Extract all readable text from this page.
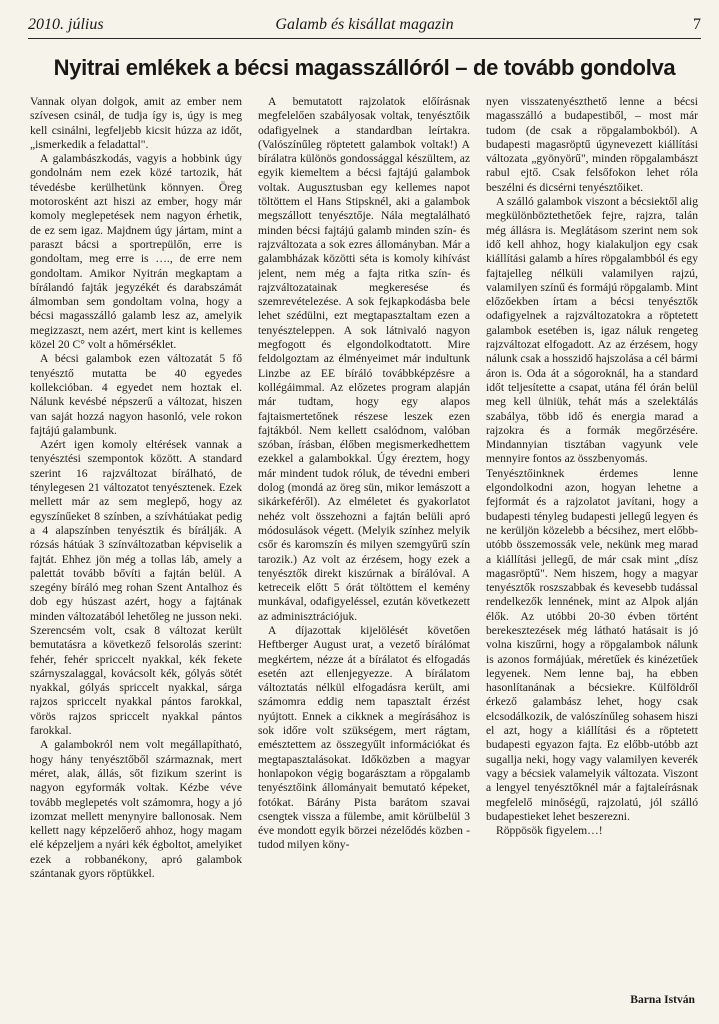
2010. július	Galamb és kisállat magazin	7
Nyitrai emlékek a bécsi magasszállóról – de tovább gondolva

Vannak olyan dolgok, amit az ember nem szívesen csinál, de tudja így is, úgy is meg kell csinálni, legfeljebb kicsit húzza az időt, „ismerkedik a feladattal".

A galambászkodás, vagyis a hobbink úgy gondolnám nem ezek közé tartozik, hát tévedésbe kerülhetünk könnyen. Öreg motorosként azt hiszi az ember, hogy már komoly meglepetések nem nagyon érhetik, de ez sem igaz. Majdnem úgy jártam, mint a paraszt bácsi a sportrepülőn, erre is gondoltam, meg erre is …., de erre nem gondoltam. Amikor Nyitrán megkaptam a bírálandó fajták jegyzékét és darabszámát álmomban sem gondoltam volna, hogy a bécsi magasszálló galamb lesz az, amelyik megizzaszt, nem azért, mert kint is kellemes közel 20 C° volt a hőmérséklet.

A bécsi galambok ezen változatát 5 fő tenyésztő mutatta be 40 egyedes kollekcióban. 4 egyedet nem hoztak el. Nálunk kevésbé népszerű a változat, hiszen van saját hozzá nagyon hasonló, vele rokon fajtájú galambunk.

Azért igen komoly eltérések vannak a tenyésztési szempontok között. A standard szerint 16 rajzváltozat bírálható, de ténylegesen 21 változatot tenyésztenek. Ezek mellett már az sem meglepő, hogy az egyszínűeket 8 színben, a szívhátúakat pedig a 4 alapszínben tenyésztik és bírálják. A rózsás hátúak 3 színváltozatban képviselik a fajtát. Ehhez jön még a tollas láb, amely a palettát tovább bővíti a fajtán belül. A szegény bíráló meg rohan Szent Antalhoz és dob egy húszast azért, hogy a fajtának minden változatából lehetőleg ne jusson neki. Szerencsém volt, csak 8 változat került bemutatásra a következő felsorolás szerint: fehér, fehér spriccelt nyakkal, kék fekete szárnyszalaggal, kovácsolt kék, gólyás sötét nyakkal, gólyás spriccelt nyakkal, sárga rajzos spriccelt nyakkal pántos farokkal, vörös rajzos spriccelt nyakkal pántos farokkal.

A galambokról nem volt megállapítható, hogy hány tenyésztőből származnak, mert méret, alak, állás, sőt fizikum szerint is nagyon egyformák voltak. Kézbe véve tovább meglepetés volt számomra, hogy a jó izomzat mellett menynyire ballonosak. Nem kellett nagy képzelőerő ahhoz, hogy magam elé képzeljem a nyári kék égboltot, amelyiket ezek a robbanékony, apró galambok szántanak gyors röptükkel.

A bemutatott rajzolatok előírásnak megfelelően szabályosak voltak, tenyésztőik odafigyelnek a standardban leírtakra. (Valószínűleg röptetett galambok voltak!) A bírálatra különös gondossággal készültem, az egyik kiemeltem a bécsi fajtájú galambok voltak. Augusztusban egy kellemes napot töltöttem el Hans Stipsknél, aki a galambok megszállott tenyésztője. Nála megtalálható minden bécsi fajtájú galamb minden szín- és rajzváltozata a sok ezres állományban. Már a galambházak közötti séta is komoly kihívást jelent, nem még a fajta ritka szín- és rajzváltozatainak megkeresése és szemrevételezése. A sok fejkapkodásba bele lehet szédülni, ezt megtapasztaltam ezen a tenyészteleppen. A sok látnivaló nagyon megfogott és elgondolkodtatott. Mire feldolgoztam az élményeimet már indultunk Linzbe az EE bíráló továbbképzésre a kollégáimmal. Az előzetes program alapján már tudtam, hogy egy alapos fajtaismertetőnek részese leszek ezen fajtákból. Nem kellett csalódnom, valóban szóban, írásban, élőben megismerkedhettem ezekkel a galambokkal. Úgy éreztem, hogy már mindent tudok róluk, de tévedni emberi dolog (mondá az öreg sün, mikor lemászott a sikárkeféről). Az elméletet és gyakorlatot nehéz volt összehozni a fajtán belüli apró módosulások végett. (Melyik színhez melyik csőr és karomszín és milyen szemgyűrű szín tarozik.) Az volt az érzésem, hogy ezek a tenyésztők direkt kiszúrnak a bírálóval. A ketreceik előtt 5 órát töltöttem el kemény munkával, odafigyeléssel, ezután következett az adminisztrációjuk.

A díjazottak kijelölését követően Heftberger August urat, a vezető bírálómat megkértem, nézze át a bírálatot és elfogadás esetén azt ellenjegyezze. A bírálatom változtatás nélkül elfogadásra került, ami számomra eddig nem tapasztalt érzést nyújtott. Ennek a cikknek a megírásához is sok időre volt szükségem, mert rágtam, emésztettem az összegyűlt információkat és megtapasztalásokat. Időközben a magyar honlapokon végig bogarásztam a röpgalamb tenyésztőink állományait bemutató képeket, fotókat. Bárány Pista barátom szavai csengtek vissza a fülembe, amit körülbelül 3 éve mondott egyik börzei nézelődés közben - tudod milyen köny-

nyen visszatenyészthető lenne a bécsi magasszálló a budapestiből, – most már tudom (de csak a röpgalambokból). A budapesti magasröptű úgynevezett kiállítási változata „gyönyörű", minden röpgalambászt rabul ejtő. Csak felsőfokon lehet róla beszélni és dicsérni tenyésztőiket.

A szálló galambok viszont a bécsiektől alig megkülönböztethetőek fejre, rajzra, talán még állásra is. Meglátásom szerint nem sok idő kell ahhoz, hogy kialakuljon egy csak kiállítási galamb a híres röpgalambból és egy fajtajelleg nélküli valamilyen rajzú, valamilyen színű és formájú röpgalamb. Mint előzőekben írtam a bécsi tenyésztők odafigyelnek a rajzváltozatokra a röptetett galambok esetében is, igaz náluk rengeteg rajzváltozat elfogadott. Az az érzésem, hogy nálunk csak a hosszidő hajszolása a cél bármi áron is. Oda át a sógoroknál, ha a standard időt teljesítette a csapat, utána fél órán belül meg kell ülniük, tehát más a szelektálás szabálya, több idő és energia marad a rajzokra és a formák megőrzésére. Mindannyian tisztában vagyunk vele mennyire fontos az összbenyomás.

Tenyésztőinknek érdemes lenne elgondolkodni azon, hogyan lehetne a fejformát és a rajzolatot javítani, hogy a budapesti tényleg budapesti jellegű legyen és ne kerüljön közelebb a bécsihez, mert előbb-utóbb összemossák vele, nekünk meg marad a kiállítási jellegű, de már csak mint „dísz magasröptű". Nem hiszem, hogy a magyar tenyésztők roszszabbak és kevesebb tudással rendelkezők lennének, mint az Alpok alján élők. Az utóbbi 20-30 évben történt berekesztezések még látható hatásait is jó volna kiszűrni, hogy a röpgalambok nálunk is azonos formájúak, méretűek és kinézetűek legyenek. Nem lenne baj, ha ebben hasonlítanának a bécsiekre. Külföldről érkező galambász lehet, hogy csak elcsodálkozik, de valószínűleg sohasem hiszi el azt, hogy a kiállítási és a röptetett budapesti egyazon fajta. Ez előbb-utóbb azt sugallja neki, hogy vagy valamilyen keverék vagy a bécsiek valamelyik változata. Viszont a lengyel tenyésztőknél már a fajtaleírásnak megfelelő minőségű, rajzolatú, jól szálló budapestieket lehet beszerezni.

Röppösök figyelem…!

Barna István
